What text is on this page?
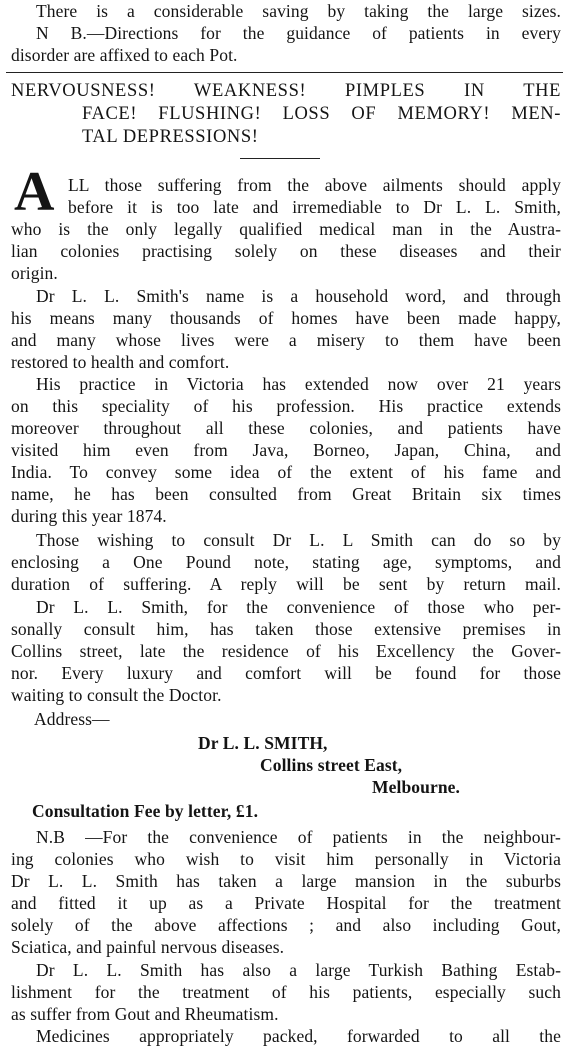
There is a considerable saving by taking the large sizes.
N B.—Directions for the guidance of patients in every
disorder are affixed to each Pot.
NERVOUSNESS! WEAKNESS! PIMPLES IN THE
FACE! FLUSHING! LOSS OF MEMORY! MEN-
TAL DEPRESSIONS!
A LL those suffering from the above ailments should apply
before it is too late and irremediable to Dr L. L. Smith,
who is the only legally qualified medical man in the Austra-
lian colonies practising solely on these diseases and their
origin.
Dr L. L. Smith's name is a household word, and through
his means many thousands of homes have been made happy,
and many whose lives were a misery to them have been
restored to health and comfort.
His practice in Victoria has extended now over 21 years
on this speciality of his profession. His practice extends
moreover throughout all these colonies, and patients have
visited him even from Java, Borneo, Japan, China, and
India. To convey some idea of the extent of his fame and
name, he has been consulted from Great Britain six times
during this year 1874.
Those wishing to consult Dr L. L Smith can do so by
enclosing a One Pound note, stating age, symptoms, and
duration of suffering. A reply will be sent by return mail.
Dr L. L. Smith, for the convenience of those who per-
sonally consult him, has taken those extensive premises in
Collins street, late the residence of his Excellency the Gover-
nor. Every luxury and comfort will be found for those
waiting to consult the Doctor.
Address—
Dr L. L. SMITH,
Collins street East,
Melbourne.
Consultation Fee by letter, £1.
N.B —For the convenience of patients in the neighbour-
ing colonies who wish to visit him personally in Victoria
Dr L. L. Smith has taken a large mansion in the suburbs
and fitted it up as a Private Hospital for the treatment
solely of the above affections ; and also including Gout,
Sciatica, and painful nervous diseases.
Dr L. L. Smith has also a large Turkish Bathing Estab-
lishment for the treatment of his patients, especially such
as suffer from Gout and Rheumatism.
Medicines appropriately packed, forwarded to all the
